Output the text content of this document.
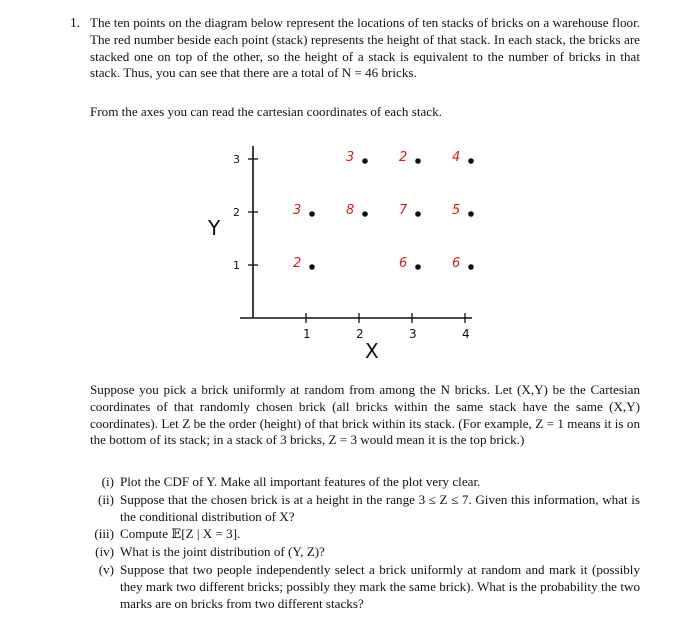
1. The ten points on the diagram below represent the locations of ten stacks of bricks on a warehouse floor. The red number beside each point (stack) represents the height of that stack. In each stack, the bricks are stacked one on top of the other, so the height of a stack is equivalent to the number of bricks in that stack. Thus, you can see that there are a total of N = 46 bricks.

From the axes you can read the cartesian coordinates of each stack.

Y
X
1	2	3	4
1
2
3
2
3	8
3
6
7
2
6
5
4

Suppose you pick a brick uniformly at random from among the N bricks. Let (X,Y) be the Cartesian coordinates of that randomly chosen brick (all bricks within the same stack have the same (X,Y) coordinates). Let Z be the order (height) of that brick within its stack. (For example, Z = 1 means it is on the bottom of its stack; in a stack of 3 bricks, Z = 3 would mean it is the top brick.)

(i) Plot the CDF of Y. Make all important features of the plot very clear.
(ii) Suppose that the chosen brick is at a height in the range 3 ≤ Z ≤ 7. Given this information, what is the conditional distribution of X?
(iii) Compute 𝔼[Z | X = 3].
(iv) What is the joint distribution of (Y, Z)?
(v) Suppose that two people independently select a brick uniformly at random and mark it (possibly they mark two different bricks; possibly they mark the same brick). What is the probability the two marks are on bricks from two different stacks?
